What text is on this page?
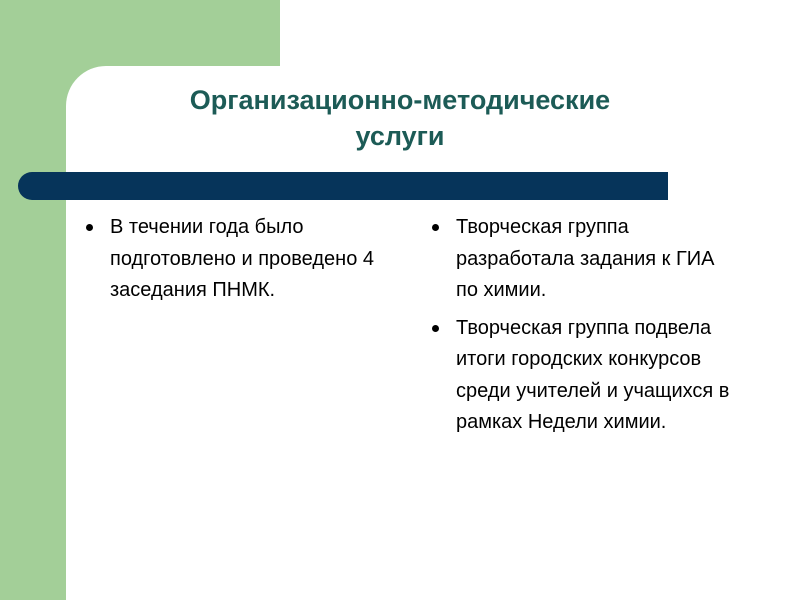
Организационно-методические
услуги
В течении года было подготовлено и проведено 4 заседания ПНМК.
Творческая группа разработала задания к ГИА по химии.
Творческая группа подвела итоги городских конкурсов среди учителей и учащихся в рамках Недели химии.
